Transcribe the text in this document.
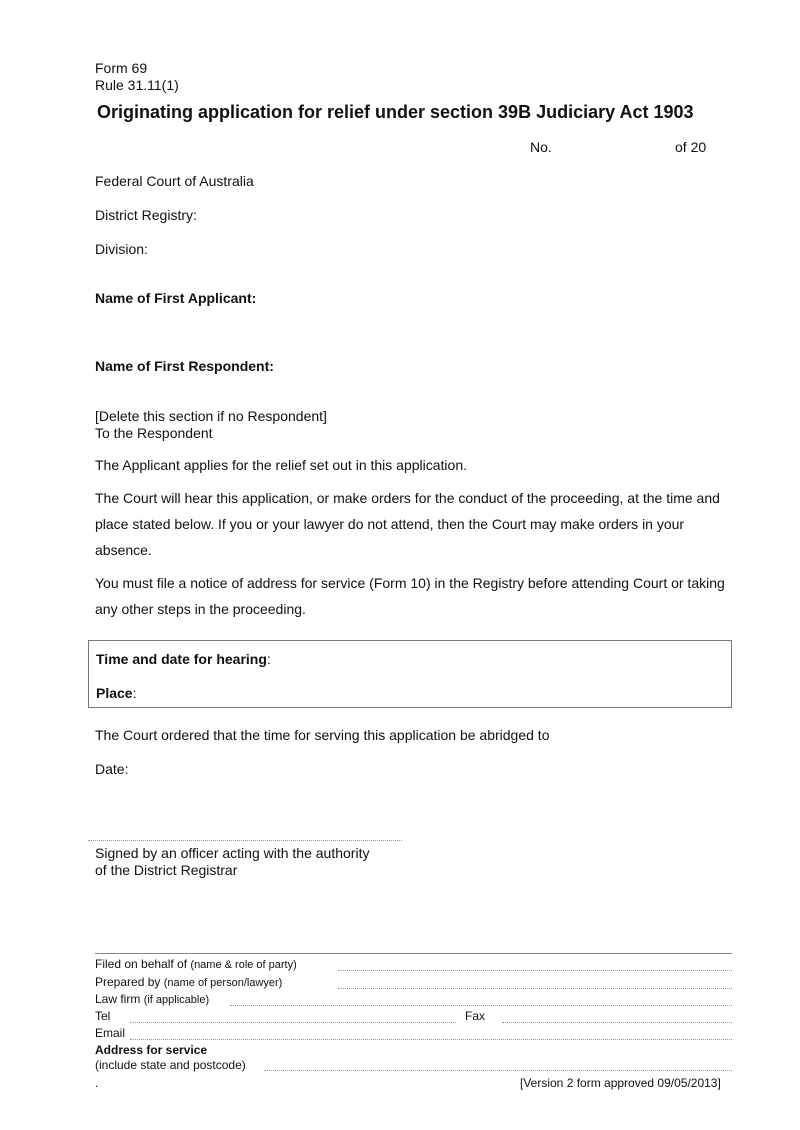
Form 69
Rule 31.11(1)
Originating application for relief under section 39B Judiciary Act 1903
No.	of 20
Federal Court of Australia
District Registry:
Division:
Name of First Applicant:
Name of First Respondent:
[Delete this section if no Respondent]
To the Respondent
The Applicant applies for the relief set out in this application.
The Court will hear this application, or make orders for the conduct of the proceeding, at the time and place stated below. If you or your lawyer do not attend, then the Court may make orders in your absence.
You must file a notice of address for service (Form 10) in the Registry before attending Court or taking any other steps in the proceeding.
Time and date for hearing:
Place:
The Court ordered that the time for serving this application be abridged to
Date:
Signed by an officer acting with the authority
of the District Registrar
Filed on behalf of (name & role of party)
Prepared by (name of person/lawyer)
Law firm (if applicable)
Tel	Fax
Email
Address for service
(include state and postcode)
.	[Version 2 form approved 09/05/2013]
